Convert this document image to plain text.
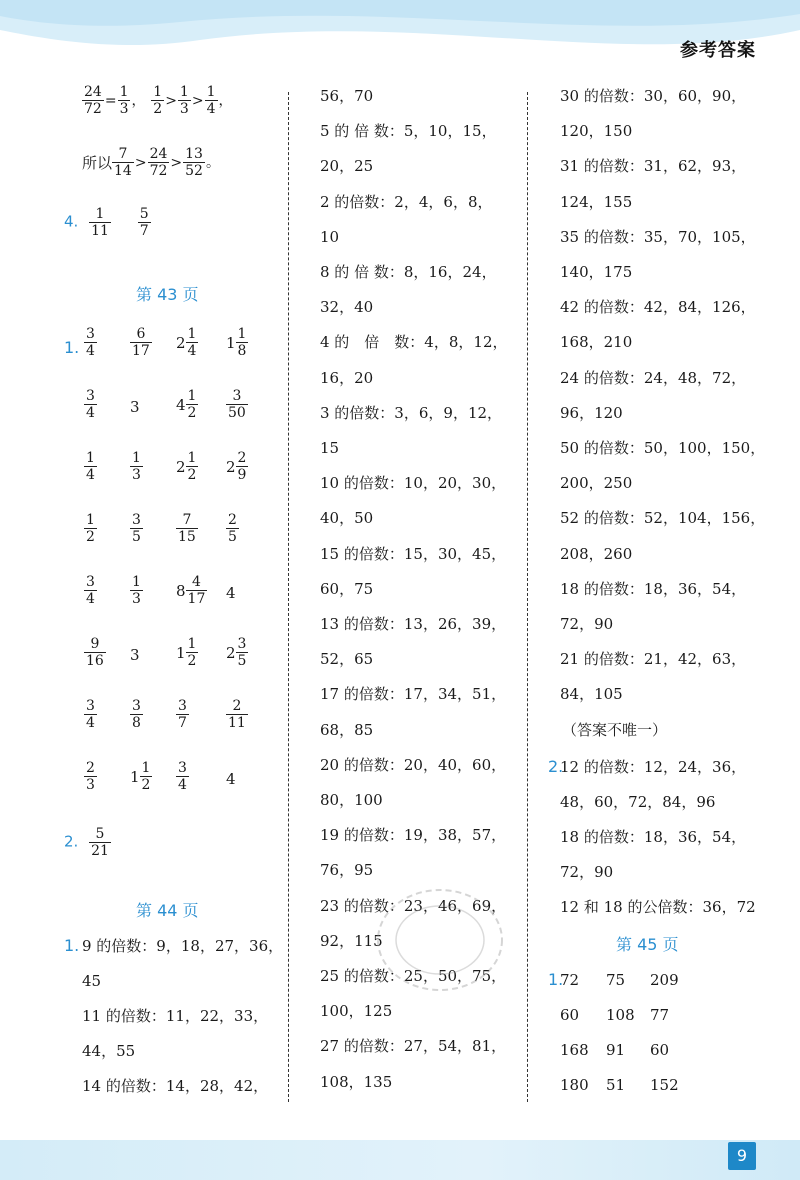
参考答案
9
$\frac{24}{72} = \frac{1}{3}$ ， $\frac{1}{2} > \frac{1}{3} > \frac{1}{4}$ ，
所以 $\frac{7}{14} > \frac{24}{72} > \frac{13}{52}$ 。
4. $\frac{1}{11}$
$\frac{5}{7}$
第 43 页
1. $\frac{3}{4} \frac{6}{17} 2 \frac{1}{4} 1 \frac{1}{8}$
$\frac{3}{4} 3$ $4 \frac{1}{2} \frac{3}{50}$
$\frac{1}{4} \frac{1}{3} 2 \frac{1}{2} 2 \frac{2}{9}$
$\frac{1}{2} \frac{3}{5} \frac{7}{15} \frac{2}{5}$
$\frac{3}{4} \frac{1}{3} 8 \frac{4}{17} 4$
$\frac{9}{16} 3$ $1 \frac{1}{2} 2 \frac{3}{5}$
$\frac{3}{4} \frac{3}{8} \frac{3}{7}$	$\frac{2}{11}$
$\frac{2}{3} 1 \frac{1}{2} \frac{3}{4} 4$
2. $\frac{5}{21}$
第 44 页
1. 9 的倍数：9，18，27，36，
45
11 的倍数：11，22，33，
44，55
14 的倍数：14，28，42，
56，70
5 的 倍 数：5，10，15，
20，25
2 的倍数：2，4，6，8，
10
8 的 倍 数：8，16，24，
32，40
4 的　倍　数：4，8，12，
16，20
3 的倍数：3，6，9，12，
15
10 的倍数：10，20，30，
40，50
15 的倍数：15，30，45，
60，75
13 的倍数：13，26，39，
52，65
17 的倍数：17，34，51，
68，85
20 的倍数：20，40，60，
80，100
19 的倍数：19，38，57，
76，95
23 的倍数：23，46，69，
92，115
25 的倍数：25，50，75，
100，125
27 的倍数：27，54，81，
108，135
30 的倍数：30，60，90，
120，150
31 的倍数：31，62，93，
124，155
35 的倍数：35，70，105，
140，175
42 的倍数：42，84，126，
168，210
24 的倍数：24，48，72，
96，120
50 的倍数：50，100，150，
200，250
52 的倍数：52，104，156，
208，260
18 的倍数：18，36，54，
72，90
21 的倍数：21，42，63，
84，105
（答案不唯一）
2.
12 的倍数：12，24，36，
48，60，72，84，96
18 的倍数：18，36，54，
72，90
12 和 18 的公倍数：36，72
第 45 页
1.
72 75 209
60 108 77
168 91 60
180 51 152
